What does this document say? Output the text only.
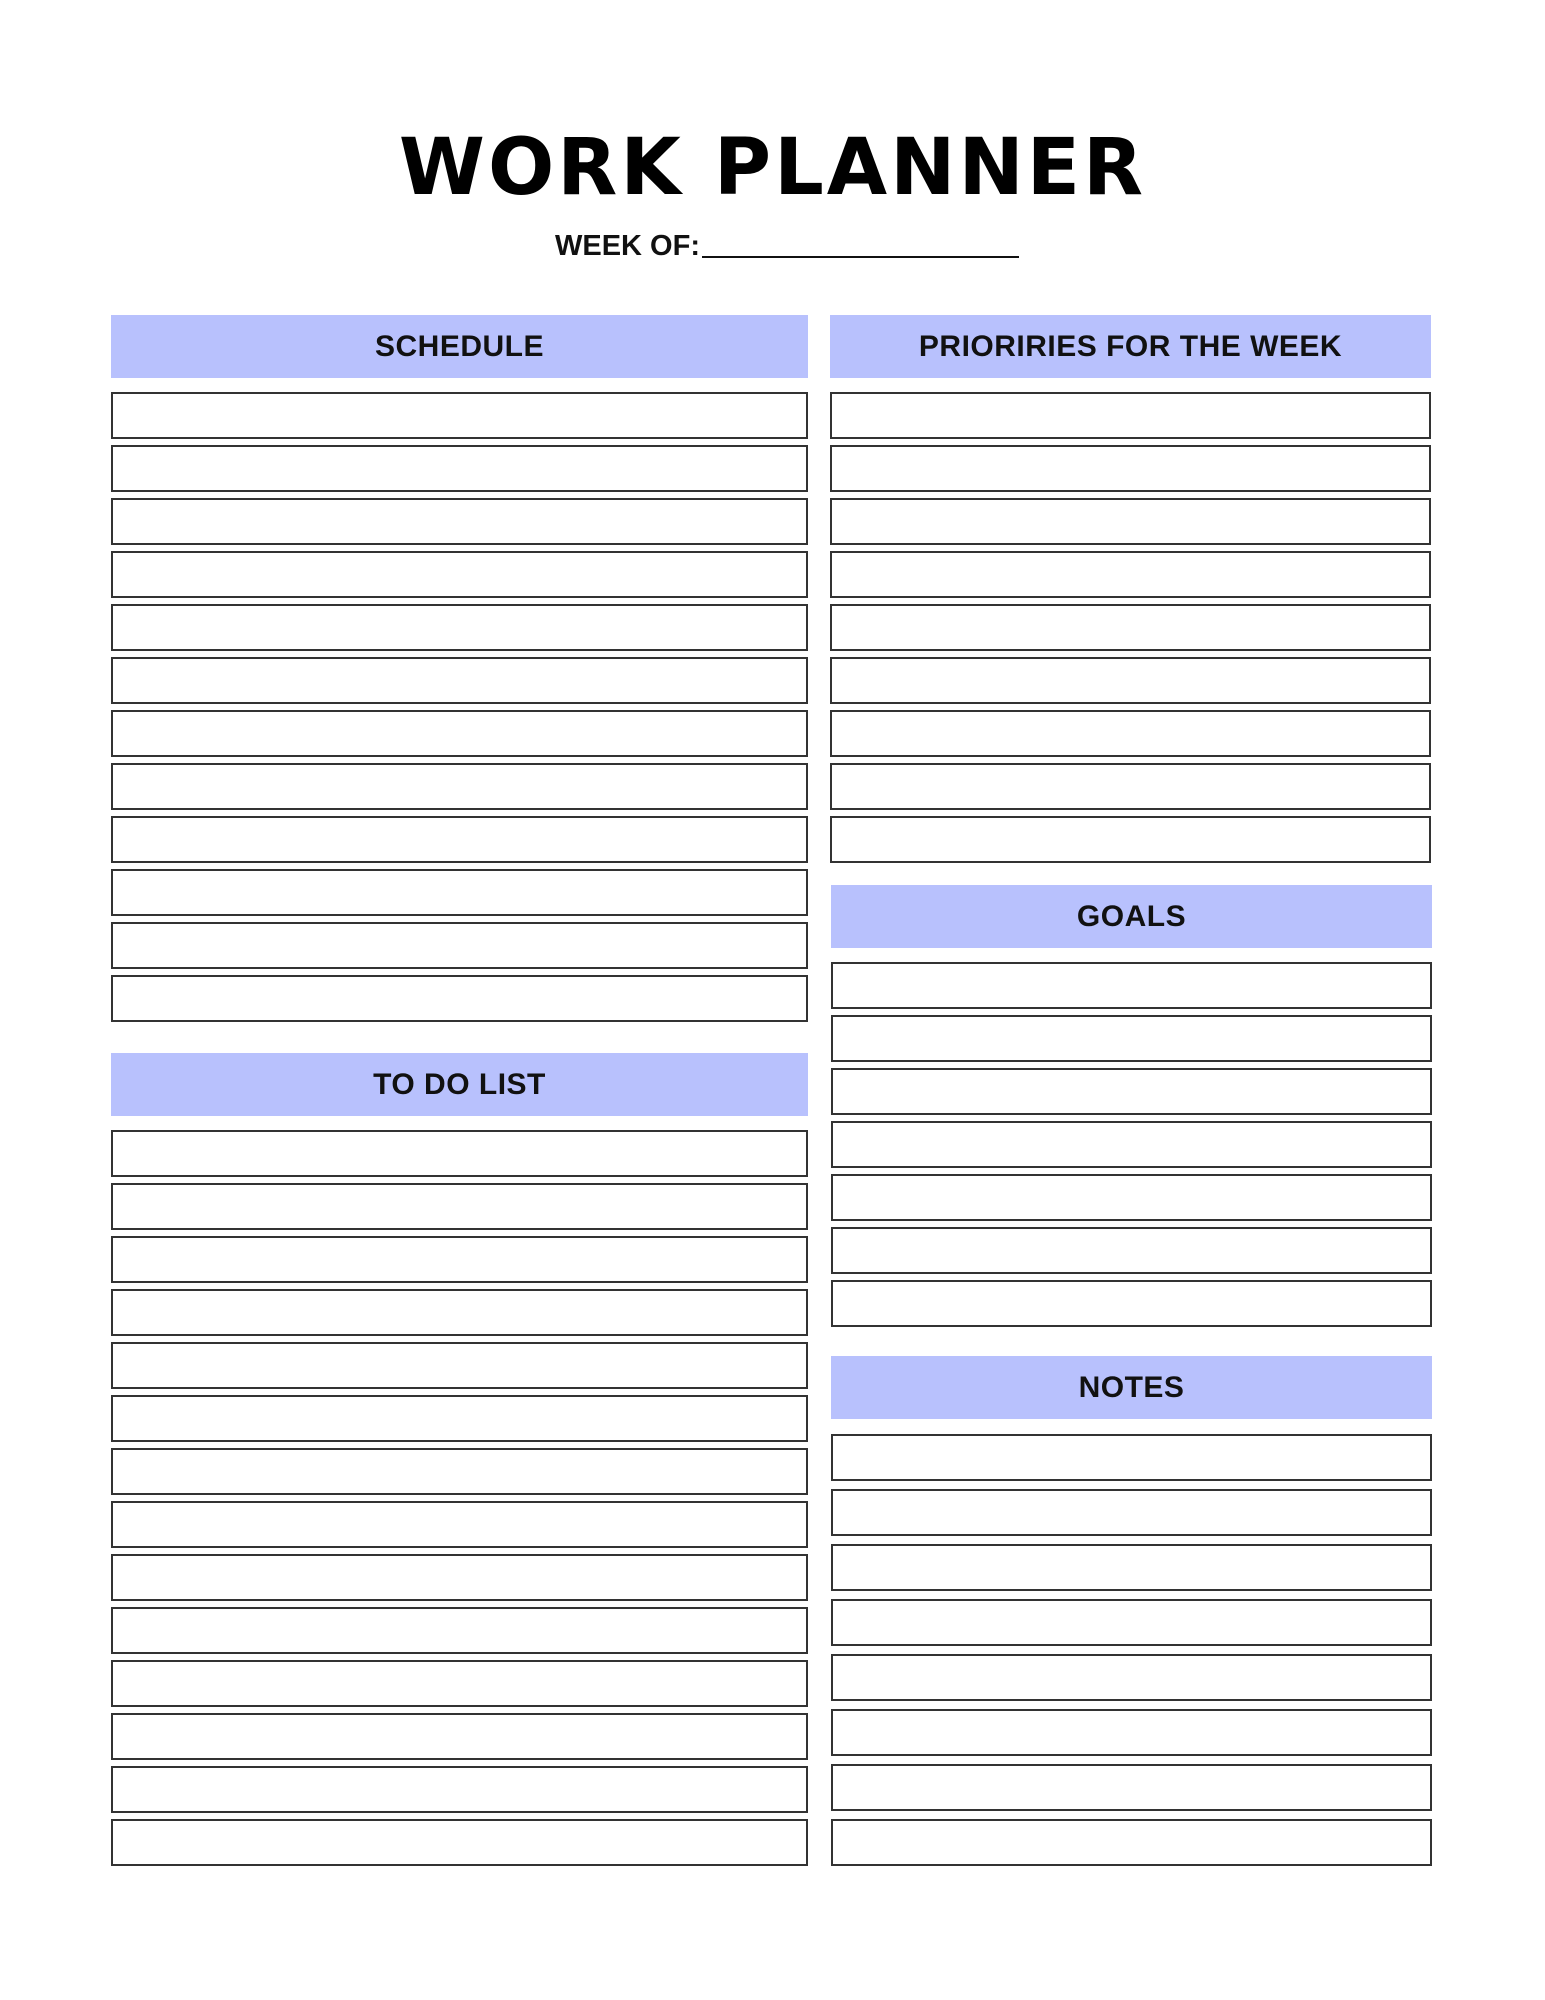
WORK PLANNER
WEEK OF:
SCHEDULE
TO DO LIST
PRIORIRIES FOR THE WEEK
GOALS
NOTES
